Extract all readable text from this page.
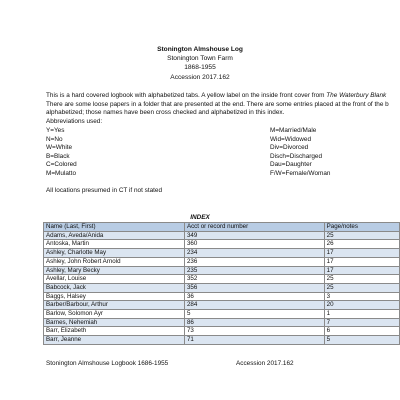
Stonington Almshouse Log
Stonington Town Farm
1868-1955
Accession 2017.162
This is a hard covered logbook with alphabetized tabs. A yellow label on the inside front cover from The Waterbury Blank
There are some loose papers in a folder that are presented at the end. There are some entries placed at the front of the b
alphabetized; those names have been cross checked and alphabetized in this index.
Abbreviations used:
Y=Yes
N=No
W=White
B=Black
C=Colored
M=Mulatto
M=Married/Male
Wid=Widowed
Div=Divorced
Disch=Discharged
Dau=Daughter
F/W=Female/Woman
All locations presumed in CT if not stated
INDEX
Name (Last, First)	Acct or record number	Page/notes
Adams, Aveda/Anida	349	25
Antoska, Martin	360	26
Ashley, Charlotte May	234	17
Ashley, John Robert Arnold	236	17
Ashley, Mary Becky	235	17
Avellar, Louise	352	25
Babcock, Jack	356	25
Baggs, Halsey	36	3
Barber/Barbour, Arthur	284	20
Barlow, Solomon Ayr	5	1
Barnes, Nehemiah	86	7
Barr, Elizabeth	73	6
Barr, Jeanne	71	5
Stonington Almshouse Logbook 1686-1955	Accession 2017.162
